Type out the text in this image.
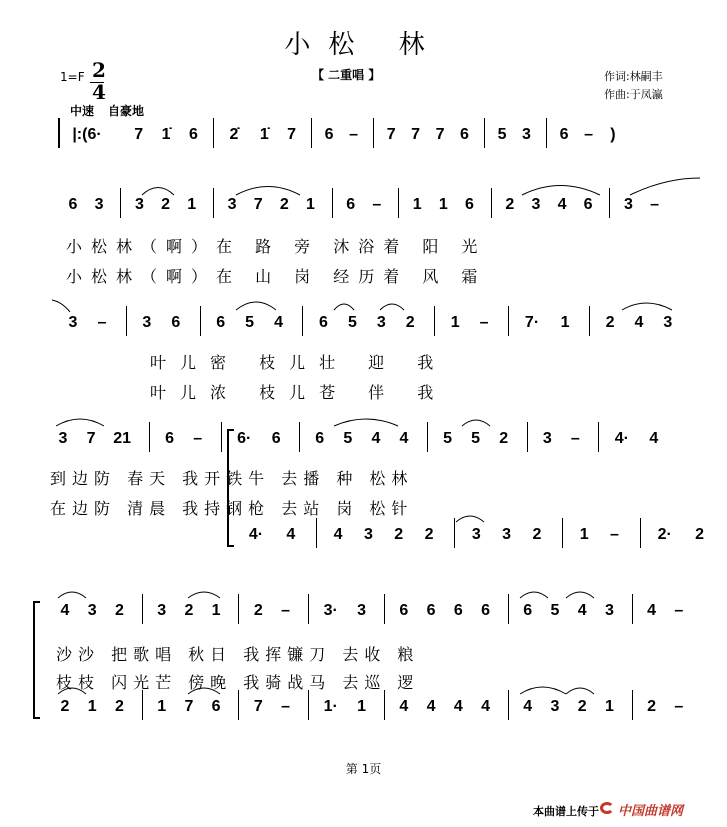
小松 林
1=F 2
4
中速 自豪地
【 二重唱 】	作词:林嗣丰
作曲:于凤瀛
|:(6·	7	1̇	6	2̇	1̇	7 6 – 7 7 7 6 5 3 6 – )
6 3 3 2 1 3 7 2 1 6 – 1 1 6 2 3 4 6 3 –
3 – 3 6 6 5 4 6 5 3 2 1 – 7· 1 2 4 3
3 7 21 6 – 6· 6 6 5 4 4 5 5 2 3 – 4· 4
4· 4 4 3 2 2 3 3 2 1 – 2· 2
4 3 2 3 2 1 2 – 3· 3 6 6 6 6 6 5 4 3 4 –
2 1 2 1 7 6 7 – 1· 1 4 4 4 4 4 3 2 1 2 –
小松林（啊）在 路 旁 沐浴着 阳 光
小松林（啊）在 山 岗 经历着 风 霜
叶儿密 枝儿壮 迎 我
叶儿浓 枝儿苍 伴 我
到边防 春天 我开铁牛 去播 种 松林
在边防 清晨 我持钢枪 去站 岗 松针
沙沙 把歌唱 秋日 我挥镰刀 去收 粮
枝枝 闪光芒 傍晚 我骑战马 去巡 逻
第 1页
本曲谱上传于 中国曲谱网
